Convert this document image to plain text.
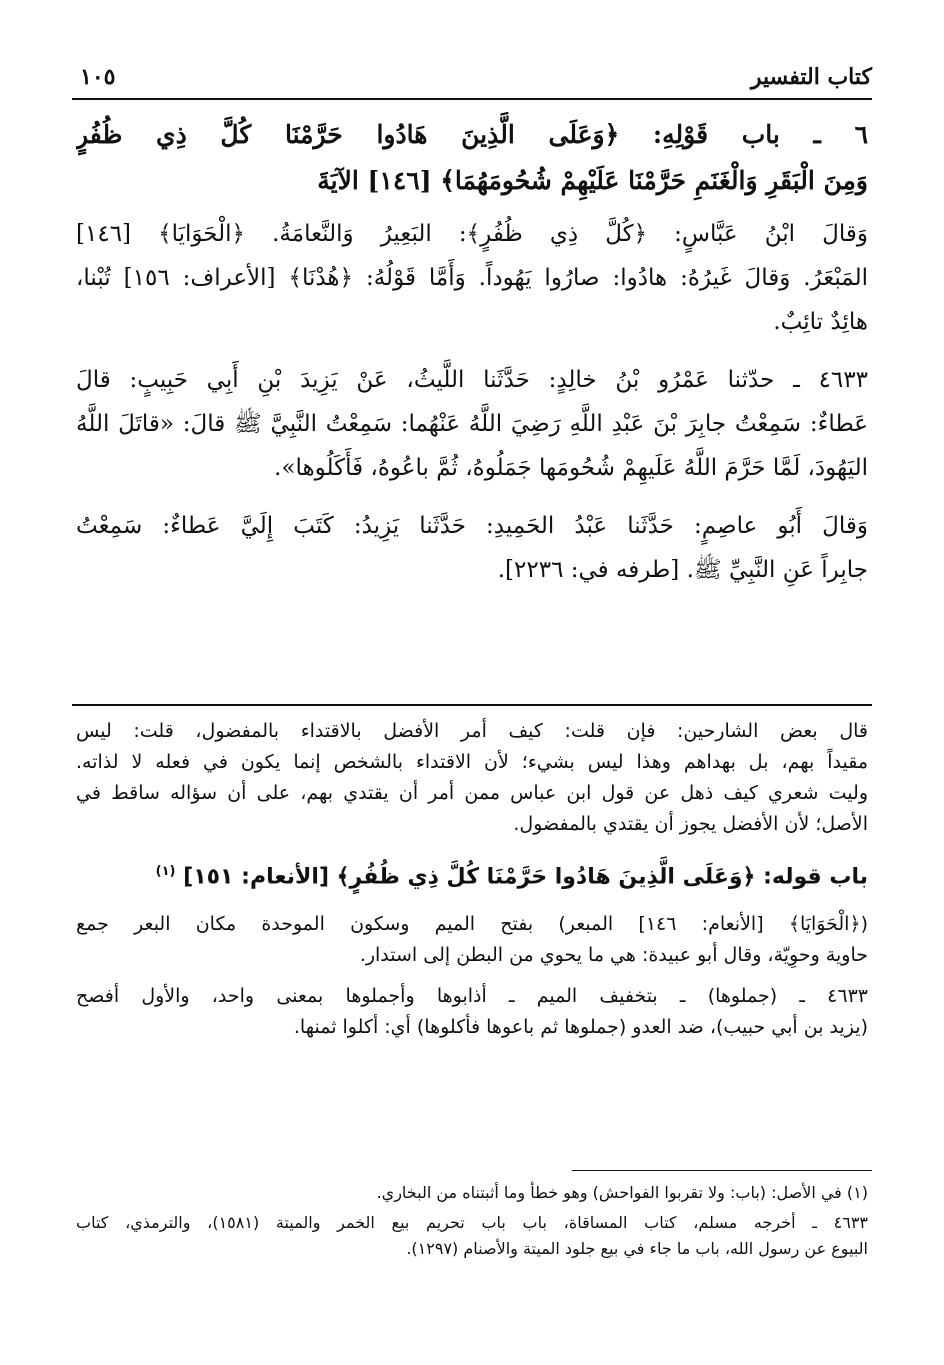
كتاب التفسير
١٠٥
٦ ـ باب قَوْلِهِ: ﴿وَعَلَى الَّذِينَ هَادُوا حَرَّمْنَا كُلَّ ذِي ظُفُرٍ
وَمِنَ الْبَقَرِ وَالْغَنَمِ حَرَّمْنَا عَلَيْهِمْ شُحُومَهُمَا﴾ [١٤٦] الآيَةَ
وَقالَ ابْنُ عَبَّاسٍ: ﴿كُلَّ ذِي ظُفُرٍ﴾: البَعِيرُ وَالنَّعامَةُ. ﴿الْحَوَايَا﴾ [١٤٦]
المَبْعَرُ. وَقالَ غَيرُهُ: هادُوا: صارُوا يَهُوداً. وَأَمَّا قَوْلُهُ: ﴿هُدْنَا﴾ [الأعراف: ١٥٦] تُبْنا،
هائِدٌ تائِبٌ.
٤٦٣٣ ـ حدّثنا عَمْرُو بْنُ خالِدٍ: حَدَّثَنا اللَّيثُ، عَنْ يَزِيدَ بْنِ أَبِي حَبِيبٍ: قالَ
عَطاءٌ: سَمِعْتُ جابِرَ بْنَ عَبْدِ اللَّهِ رَضِيَ اللَّهُ عَنْهُما: سَمِعْتُ النَّبِيَّ ﷺ قالَ: «قاتَلَ اللَّهُ
اليَهُودَ، لَمَّا حَرَّمَ اللَّهُ عَلَيهِمْ شُحُومَها جَمَلُوهُ، ثُمَّ باعُوهُ، فَأَكَلُوها».
وَقالَ أَبُو عاصِمٍ: حَدَّثَنا عَبْدُ الحَمِيدِ: حَدَّثَنا يَزِيدُ: كَتَبَ إِلَيَّ عَطاءٌ: سَمِعْتُ
جابِراً عَنِ النَّبِيِّ ﷺ. [طرفه في: ٢٢٣٦].
قال بعض الشارحين: فإن قلت: كيف أمر الأفضل بالاقتداء بالمفضول، قلت: ليس
مقيداً بهم، بل بهداهم وهذا ليس بشيء؛ لأن الاقتداء بالشخص إنما يكون في فعله لا لذاته.
وليت شعري كيف ذهل عن قول ابن عباس ممن أمر أن يقتدي بهم، على أن سؤاله ساقط في
الأصل؛ لأن الأفضل يجوز أن يقتدي بالمفضول.
باب قوله: ﴿وَعَلَى الَّذِينَ هَادُوا حَرَّمْنَا كُلَّ ذِي ظُفُرٍ﴾ [الأنعام: ١٥١] $^{(١)}$
(﴿الْحَوَايَا﴾ [الأنعام: ١٤٦] المبعر) بفتح الميم وسكون الموحدة مكان البعر جمع
حاوية وحوِيّة، وقال أبو عبيدة: هي ما يحوي من البطن إلى استدار.
٤٦٣٣ ـ (جملوها) ـ بتخفيف الميم ـ أذابوها وأجملوها بمعنى واحد، والأول أفصح
(يزيد بن أبي حبيب)، ضد العدو (جملوها ثم باعوها فأكلوها) أي: أكلوا ثمنها.
(١) في الأصل: (باب: ولا تقربوا الفواحش) وهو خطأ وما أثبتناه من البخاري.
٤٦٣٣ ـ أخرجه مسلم، كتاب المساقاة، باب باب تحريم بيع الخمر والميتة (١٥٨١)، والترمذي، كتاب
البيوع عن رسول الله، باب ما جاء في بيع جلود الميتة والأصنام (١٢٩٧).
